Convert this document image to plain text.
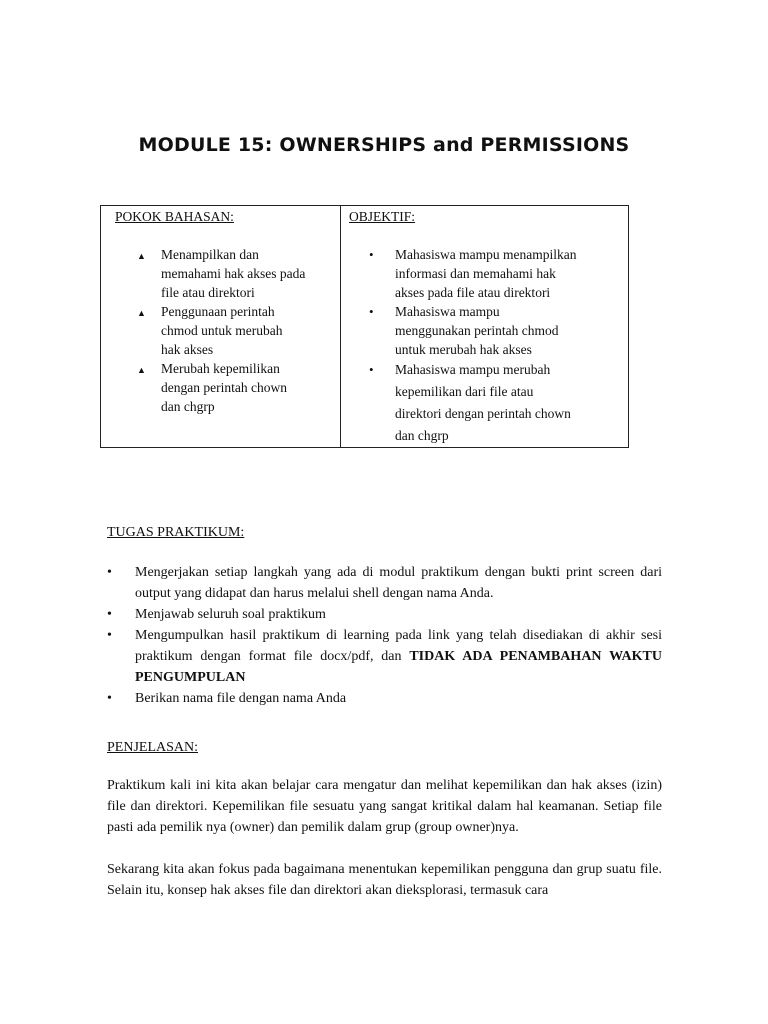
MODULE 15: OWNERSHIPS and PERMISSIONS
POKOK BAHASAN:
▲ Menampilkan dan
memahami hak akses pada
file atau direktori
▲ Penggunaan perintah
chmod untuk merubah
hak akses
▲ Merubah kepemilikan
dengan perintah chown
dan chgrp

OBJEKTIF:
• Mahasiswa mampu menampilkan
informasi dan memahami hak
akses pada file atau direktori
• Mahasiswa mampu
menggunakan perintah chmod
untuk merubah hak akses
• Mahasiswa mampu merubah
kepemilikan dari file atau
direktori dengan perintah chown
dan chgrp
TUGAS PRAKTIKUM:
• Mengerjakan setiap langkah yang ada di modul praktikum dengan bukti print screen dari output yang didapat dan harus melalui shell dengan nama Anda.
• Menjawab seluruh soal praktikum
• Mengumpulkan hasil praktikum di learning pada link yang telah disediakan di akhir sesi praktikum dengan format file docx/pdf, dan TIDAK ADA PENAMBAHAN WAKTU PENGUMPULAN
• Berikan nama file dengan nama Anda
PENJELASAN:

Praktikum kali ini kita akan belajar cara mengatur dan melihat kepemilikan dan hak akses (izin) file dan direktori. Kepemilikan file sesuatu yang sangat kritikal dalam hal keamanan. Setiap file pasti ada pemilik nya (owner) dan pemilik dalam grup (group owner)nya.

Sekarang kita akan fokus pada bagaimana menentukan kepemilikan pengguna dan grup suatu file. Selain itu, konsep hak akses file dan direktori akan dieksplorasi, termasuk cara
